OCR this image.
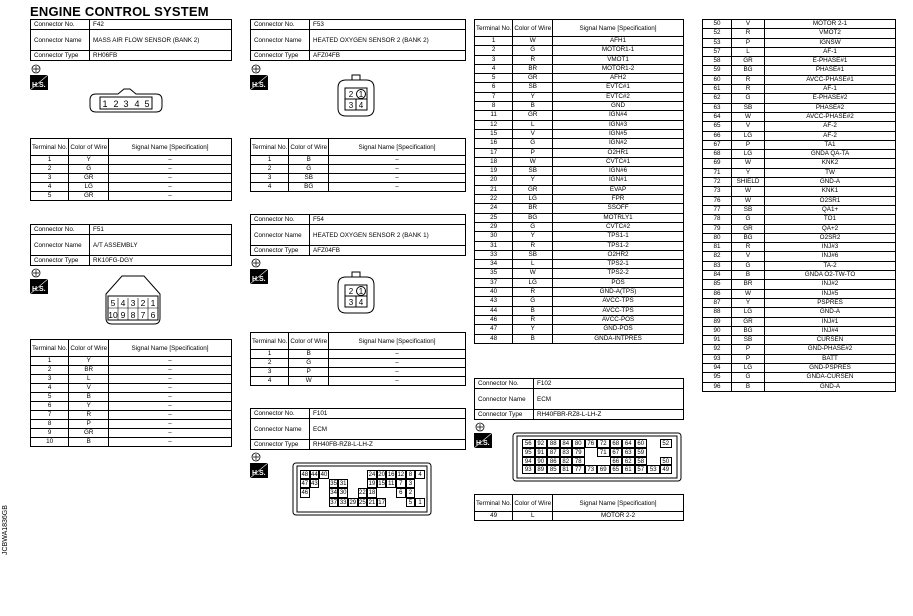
ENGINE CONTROL SYSTEM
JCBWA1836GB
Connector No.	F42
Connector Name	MASS AIR FLOW SENSOR (BANK 2)
Connector Type	RH06FB
H.S.
1 2 3 4 5
Terminal No.	Color of Wire	Signal Name [Specification]
1	Y	–
2	G	–
3	GR	–
4	LG	–
5	GR	–
Connector No.	F51
Connector Name	A/T ASSEMBLY
Connector Type	RK10FG-DGY
H.S.
5 4 3 2 1
10 9 8 7 6
Terminal No.	Color of Wire	Signal Name [Specification]
1	Y	–
2	BR	–
3	L	–
4	V	–
5	B	–
6	Y	–
7	R	–
8	P	–
9	GR	–
10	B	–
Connector No.	F53
Connector Name	HEATED OXYGEN SENSOR 2 (BANK 2)
Connector Type	AFZ04FB
H.S.
1
2
3 4
Terminal No.	Color of Wire	Signal Name [Specification]
1	B	–
2	G	–
3	SB	–
4	BG	–
Connector No.	F54
Connector Name	HEATED OXYGEN SENSOR 2 (BANK 1)
Connector Type	AFZ04FB
H.S.
1
2
3 4
Terminal No.	Color of Wire	Signal Name [Specification]
1	B	–
2	G	–
3	P	–
4	W	–
Connector No.	F101
Connector Name	ECM
Connector Type	RH40FB-RZ8-L-LH-Z
H.S.	48 44 40	24 20 16 12 8	4
47 43 35 31	19 15 11 7	3
46	34 30 22 18	6	2
37 33 29 25 21 17	5	1
Terminal No.	Color of Wire	Signal Name [Specification]
1	W	AFH1
2	G	MOTOR1-1
3	R	VMOT1
4	BR	MOTOR1-2
5	GR	AFH2
6	SB	EVTC#1
7	Y	EVTC#2
8	B	GND
11	GR	IGN#4
12	L	IGN#3
15	V	IGN#5
16	G	IGN#2
17	P	O2HR1
18	W	CVTC#1
19	SB	IGN#6
20	Y	IGN#1
21	GR	EVAP
22	LG	FPR
24	BR	SSOFF
25	BG	MOTRLY1
29	G	CVTC#2
30	Y	TPS1-1
31	R	TPS1-2
33	SB	O2HR2
34	L	TPS2-1
35	W	TPS2-2
37	LG	POS
40	R	GND-A(TPS)
43	G	AVCC-TPS
44	B	AVCC-TPS
46	R	AVCC-POS
47	Y	GND-POS
48	B	GNDA-INTPRES
Connector No.	F102
Connector Name	ECM
Connector Type	RH40FBR-RZ8-L-LH-Z
H.S.	56 92 88 84 80 76 72 68 64 60	52
95 91 87 83 79	71 67 63 59
94 90 86 82 78	66 62 58	50
93 89 85 81 77 73 69 65 61 57 53 49
Terminal No.	Color of Wire	Signal Name [Specification]
49	L	MOTOR 2-2
50	V	MOTOR 2-1
52	R	VMOT2
53	P	IGNSW
57	L	AF-1
58	GR	E-PHASE#1
59	BG	PHASE#1
60	R	AVCC-PHASE#1
61	R	AF-1
62	G	E-PHASE#2
63	SB	PHASE#2
64	W	AVCC-PHASE#2
65	V	AF-2
66	LG	AF-2
67	P	TA1
68	LG	GNDA QA-TA
69	W	KNK2
71	Y	TW
72	SHIELD	GND-A
73	W	KNK1
76	W	O2SR1
77	SB	QA1+
78	G	TO1
79	GR	QA+2
80	BG	O2SR2
81	R	INJ#3
82	V	INJ#6
83	G	TA-2
84	B	GNDA O2-TW-TO
85	BR	INJ#2
86	W	INJ#5
87	Y	PSPRES
88	LG	GND-A
89	GR	INJ#1
90	BG	INJ#4
91	SB	CURSEN
92	P	GND-PHASE#2
93	P	BATT
94	LG	GND-PSPRES
95	G	GNDA-CURSEN
96	B	GND-A
